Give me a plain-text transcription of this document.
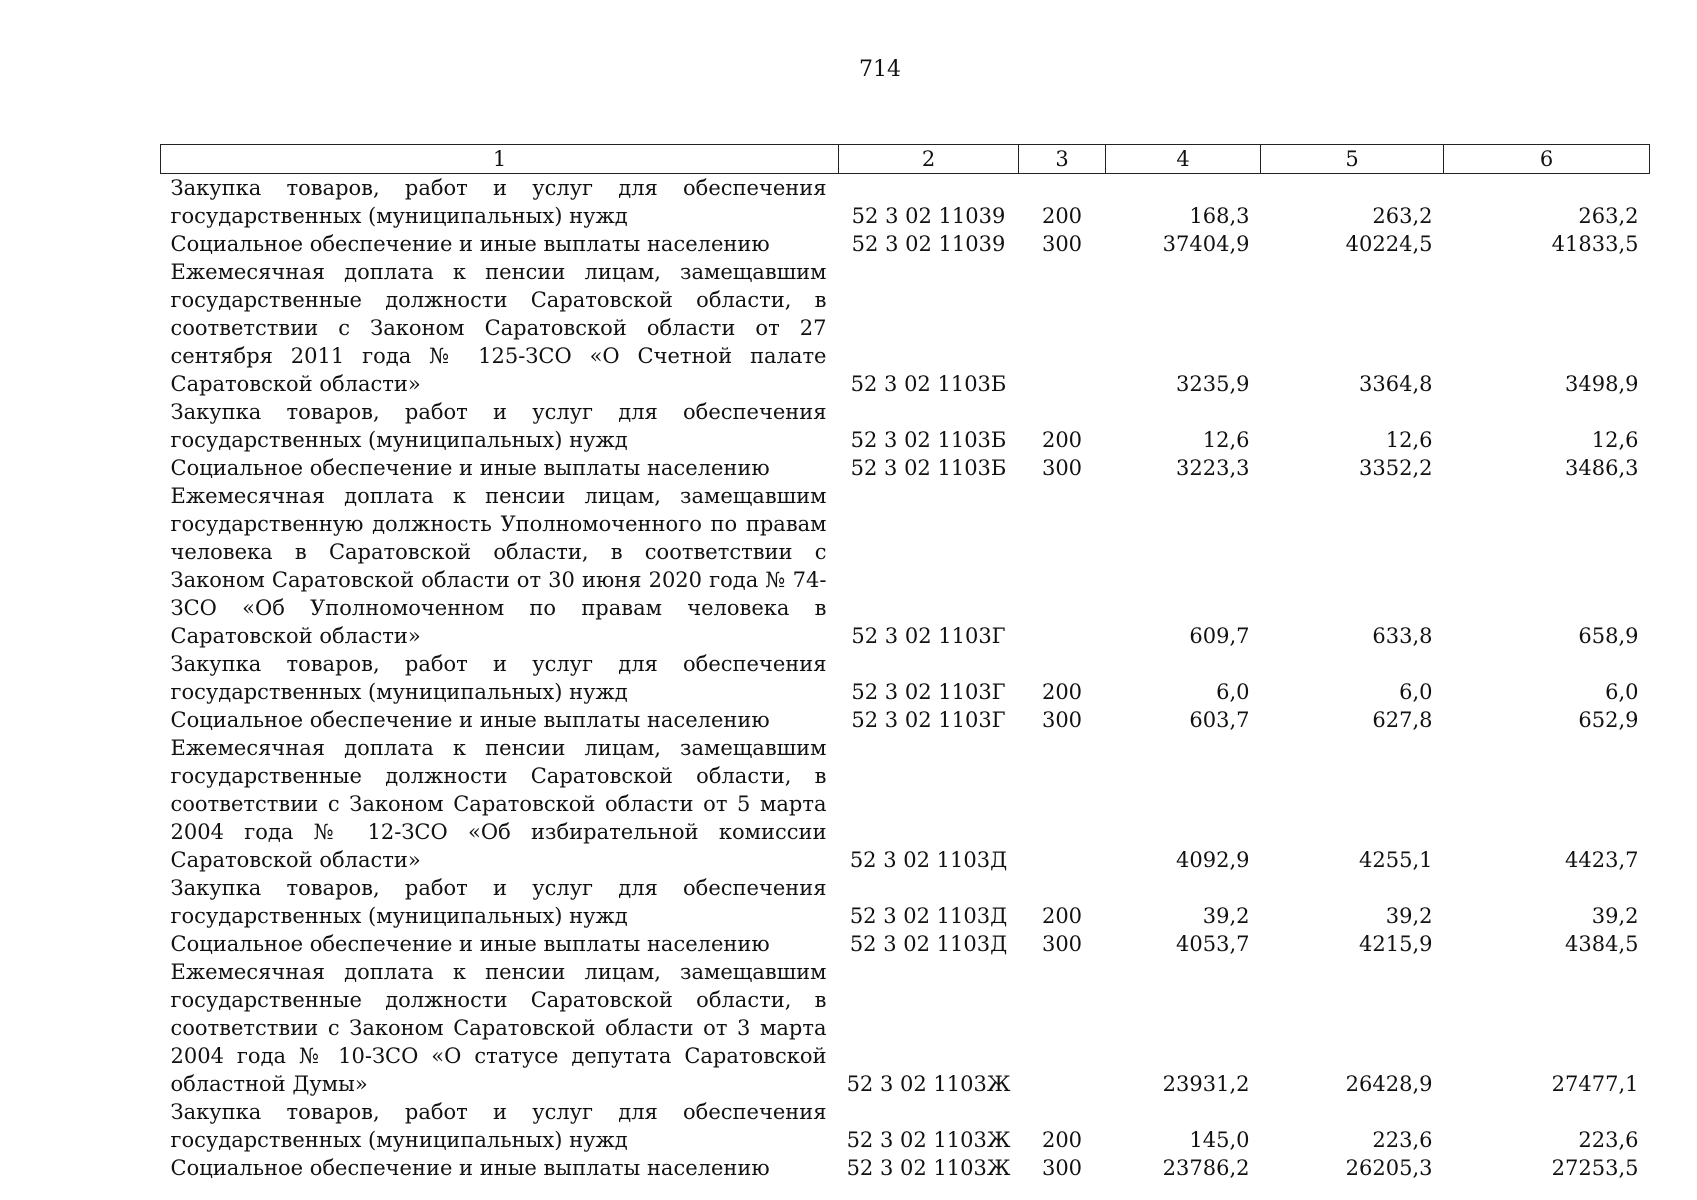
714
1	2	3	4	5	6
Закупка товаров, работ и услуг для обеспечения государственных (муниципальных) нужд	52 3 02 11039	200	168,3	263,2	263,2
Социальное обеспечение и иные выплаты населению	52 3 02 11039	300	37404,9	40224,5	41833,5
Ежемесячная доплата к пенсии лицам, замещавшим государственные должности Саратовской области, в соответствии с Законом Саратовской области от 27 сентября 2011 года № 125-ЗСО «О Счетной палате Саратовской области»	52 3 02 1103Б		3235,9	3364,8	3498,9
Закупка товаров, работ и услуг для обеспечения государственных (муниципальных) нужд	52 3 02 1103Б	200	12,6	12,6	12,6
Социальное обеспечение и иные выплаты населению	52 3 02 1103Б	300	3223,3	3352,2	3486,3
Ежемесячная доплата к пенсии лицам, замещавшим государственную должность Уполномоченного по правам человека в Саратовской области, в соответствии с Законом Саратовской области от 30 июня 2020 года № 74-ЗСО «Об Уполномоченном по правам человека в Саратовской области»	52 3 02 1103Г		609,7	633,8	658,9
Закупка товаров, работ и услуг для обеспечения государственных (муниципальных) нужд	52 3 02 1103Г	200	6,0	6,0	6,0
Социальное обеспечение и иные выплаты населению	52 3 02 1103Г	300	603,7	627,8	652,9
Ежемесячная доплата к пенсии лицам, замещавшим государственные должности Саратовской области, в соответствии с Законом Саратовской области от 5 марта 2004 года № 12-ЗСО «Об избирательной комиссии Саратовской области»	52 3 02 1103Д		4092,9	4255,1	4423,7
Закупка товаров, работ и услуг для обеспечения государственных (муниципальных) нужд	52 3 02 1103Д	200	39,2	39,2	39,2
Социальное обеспечение и иные выплаты населению	52 3 02 1103Д	300	4053,7	4215,9	4384,5
Ежемесячная доплата к пенсии лицам, замещавшим государственные должности Саратовской области, в соответствии с Законом Саратовской области от 3 марта 2004 года № 10-ЗСО «О статусе депутата Саратовской областной Думы»	52 3 02 1103Ж		23931,2	26428,9	27477,1
Закупка товаров, работ и услуг для обеспечения государственных (муниципальных) нужд	52 3 02 1103Ж	200	145,0	223,6	223,6
Социальное обеспечение и иные выплаты населению	52 3 02 1103Ж	300	23786,2	26205,3	27253,5
